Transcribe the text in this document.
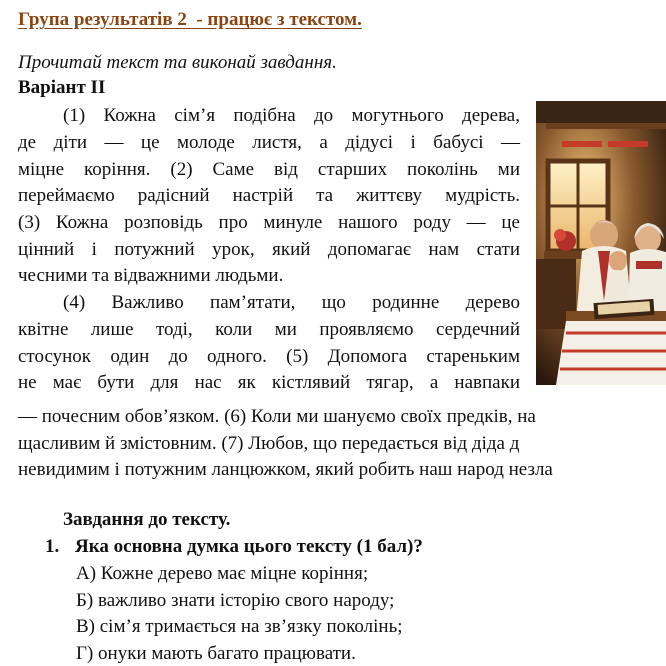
Група результатів 2  - працює з текстом.
Прочитай текст та виконай завдання.
Варіант ІІ
(1) Кожна сім’я подібна до могутнього дерева,
де діти — це молоде листя, а дідусі і бабусі —
міцне коріння. (2) Саме від старших поколінь ми
переймаємо радісний настрій та життєву мудрість.
(3) Кожна розповідь про минуле нашого роду — це
цінний і потужний урок, який допомагає нам стати
чесними та відважними людьми.
(4) Важливо пам’ятати, що родинне дерево
квітне лише тоді, коли ми проявляємо сердечний
стосунок один до одного. (5) Допомога стареньким
не має бути для нас як кістлявий тягар, а навпаки
— почесним обов’язком. (6) Коли ми шануємо своїх предків, на
щасливим й змістовним. (7) Любов, що передається від діда д
невидимим і потужним ланцюжком, який робить наш народ незла
Завдання до тексту.
1. Яка основна думка цього тексту (1 бал)?
А) Кожне дерево має міцне коріння;
Б) важливо знати історію свого народу;
В) сім’я тримається на зв’язку поколінь;
Г) онуки мають багато працювати.
